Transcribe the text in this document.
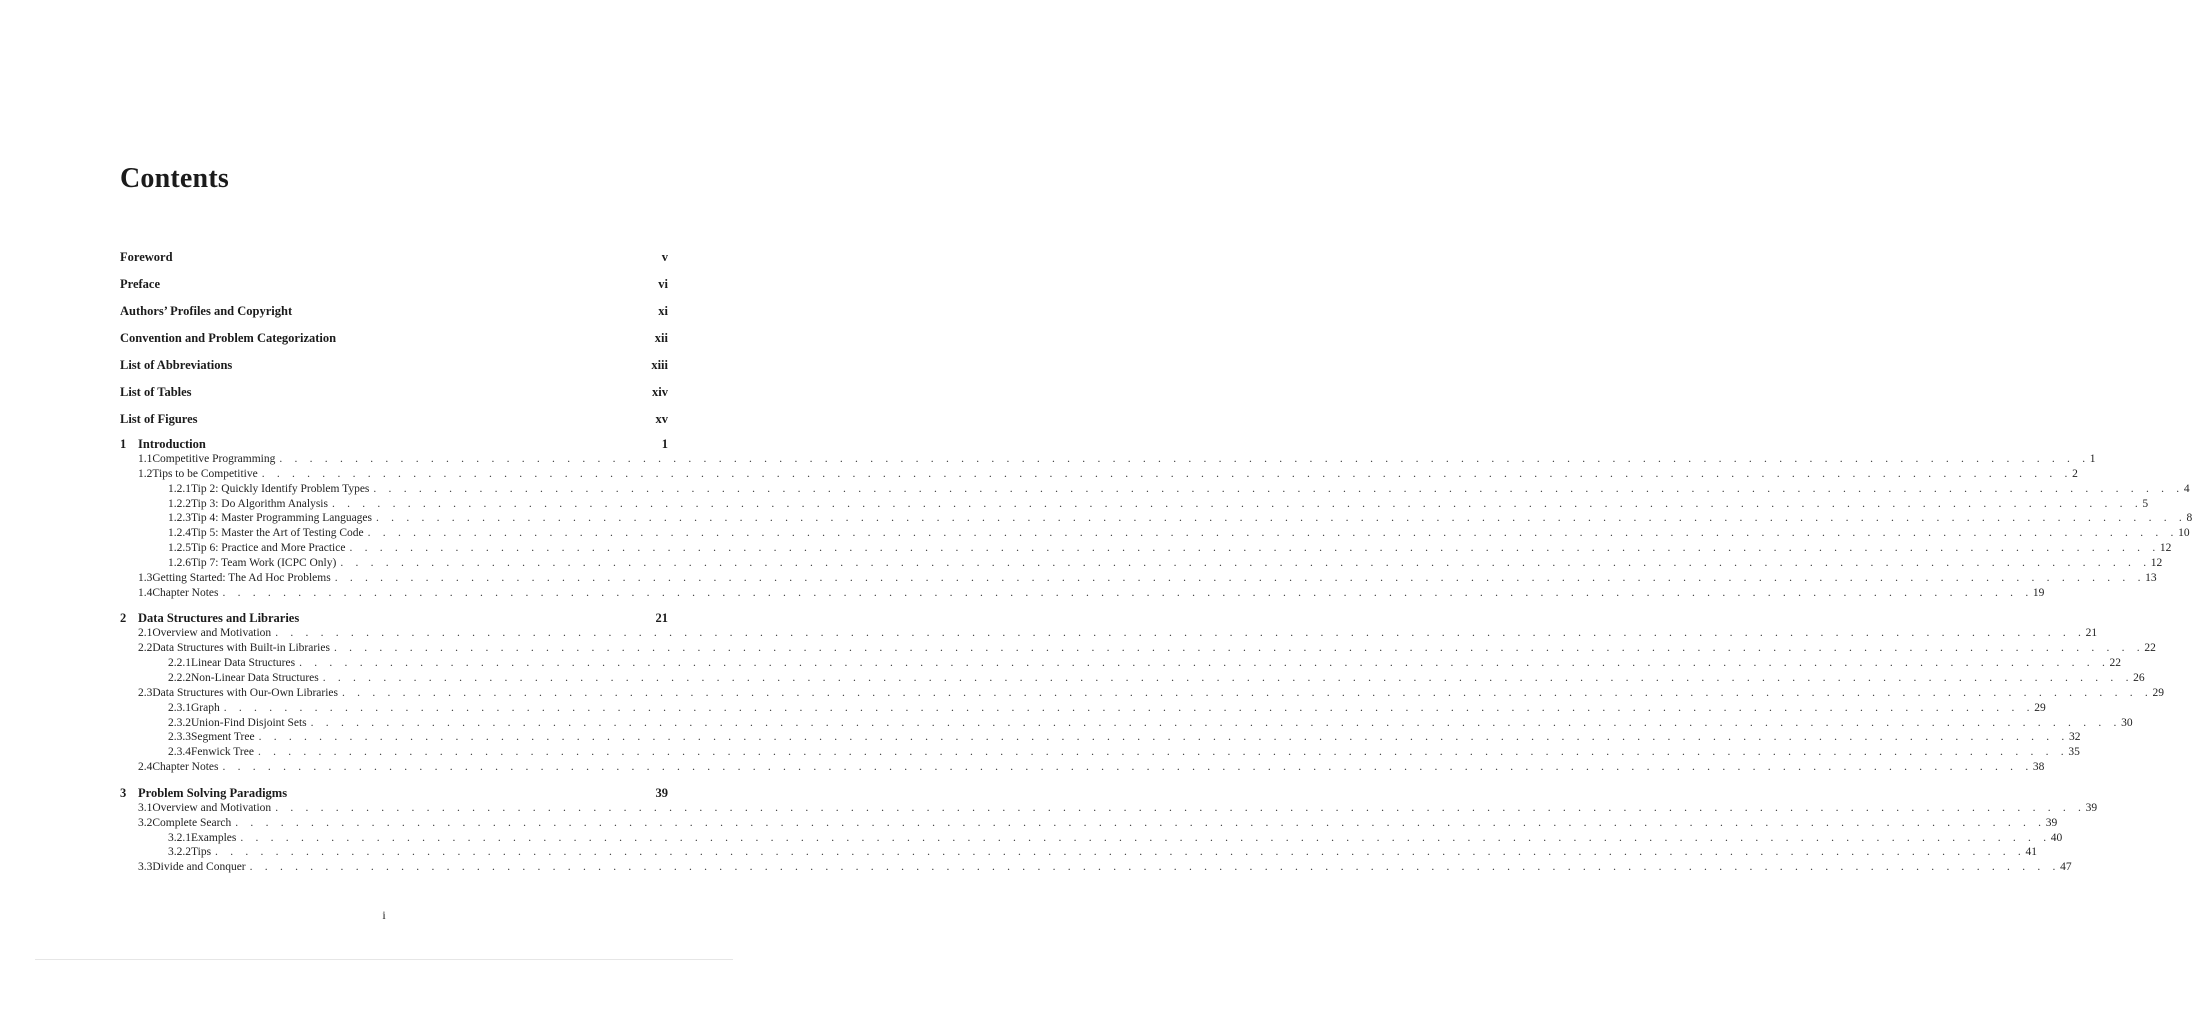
Contents
Foreword	v
Preface	vi
Authors’ Profiles and Copyright	xi
Convention and Problem Categorization	xii
List of Abbreviations	xiii
List of Tables	xiv
List of Figures	xv
1 Introduction	1
1.1 Competitive Programming . . . . . . . . . . . . . . . . . . . . . . . . . . . . . . . . . . . . . . . . . . . . . . . . . . . . . . . . . . . . . . . . . . . . . . . . . . . . . . . . . . . . . . . . . . . . . . . . . . . . . . . . . . . . . . . . . . . . . . . . 1
1.2 Tips to be Competitive . . . . . . . . . . . . . . . . . . . . . . . . . . . . . . . . . . . . . . . . . . . . . . . . . . . . . . . . . . . . . . . . . . . . . . . . . . . . . . . . . . . . . . . . . . . . . . . . . . . . . . . . . . . . . . . . . . . . . . . . 2
1.2.1 Tip 2: Quickly Identify Problem Types . . . . . . . . . . . . . . . . . . . . . . . . . . . . . . . . . . . . . . . . . . . . . . . . . . . . . . . . . . . . . . . . . . . . . . . . . . . . . . . . . . . . . . . . . . . . . . . . . . . . . . . . . . . . . . . . . . . . . . . . 4
1.2.2 Tip 3: Do Algorithm Analysis . . . . . . . . . . . . . . . . . . . . . . . . . . . . . . . . . . . . . . . . . . . . . . . . . . . . . . . . . . . . . . . . . . . . . . . . . . . . . . . . . . . . . . . . . . . . . . . . . . . . . . . . . . . . . . . . . . . . . . . . 5
1.2.3 Tip 4: Master Programming Languages . . . . . . . . . . . . . . . . . . . . . . . . . . . . . . . . . . . . . . . . . . . . . . . . . . . . . . . . . . . . . . . . . . . . . . . . . . . . . . . . . . . . . . . . . . . . . . . . . . . . . . . . . . . . . . . . . . . . . . . . 8
1.2.4 Tip 5: Master the Art of Testing Code . . . . . . . . . . . . . . . . . . . . . . . . . . . . . . . . . . . . . . . . . . . . . . . . . . . . . . . . . . . . . . . . . . . . . . . . . . . . . . . . . . . . . . . . . . . . . . . . . . . . . . . . . . . . . . . . . . . . . . . . 10
1.2.5 Tip 6: Practice and More Practice . . . . . . . . . . . . . . . . . . . . . . . . . . . . . . . . . . . . . . . . . . . . . . . . . . . . . . . . . . . . . . . . . . . . . . . . . . . . . . . . . . . . . . . . . . . . . . . . . . . . . . . . . . . . . . . . . . . . . . . . 12
1.2.6 Tip 7: Team Work (ICPC Only) . . . . . . . . . . . . . . . . . . . . . . . . . . . . . . . . . . . . . . . . . . . . . . . . . . . . . . . . . . . . . . . . . . . . . . . . . . . . . . . . . . . . . . . . . . . . . . . . . . . . . . . . . . . . . . . . . . . . . . . . 12
1.3 Getting Started: The Ad Hoc Problems . . . . . . . . . . . . . . . . . . . . . . . . . . . . . . . . . . . . . . . . . . . . . . . . . . . . . . . . . . . . . . . . . . . . . . . . . . . . . . . . . . . . . . . . . . . . . . . . . . . . . . . . . . . . . . . . . . . . . . . . 13
1.4 Chapter Notes . . . . . . . . . . . . . . . . . . . . . . . . . . . . . . . . . . . . . . . . . . . . . . . . . . . . . . . . . . . . . . . . . . . . . . . . . . . . . . . . . . . . . . . . . . . . . . . . . . . . . . . . . . . . . . . . . . . . . . . . 19
2 Data Structures and Libraries	21
2.1 Overview and Motivation . . . . . . . . . . . . . . . . . . . . . . . . . . . . . . . . . . . . . . . . . . . . . . . . . . . . . . . . . . . . . . . . . . . . . . . . . . . . . . . . . . . . . . . . . . . . . . . . . . . . . . . . . . . . . . . . . . . . . . . . 21
2.2 Data Structures with Built-in Libraries . . . . . . . . . . . . . . . . . . . . . . . . . . . . . . . . . . . . . . . . . . . . . . . . . . . . . . . . . . . . . . . . . . . . . . . . . . . . . . . . . . . . . . . . . . . . . . . . . . . . . . . . . . . . . . . . . . . . . . . . 22
2.2.1 Linear Data Structures . . . . . . . . . . . . . . . . . . . . . . . . . . . . . . . . . . . . . . . . . . . . . . . . . . . . . . . . . . . . . . . . . . . . . . . . . . . . . . . . . . . . . . . . . . . . . . . . . . . . . . . . . . . . . . . . . . . . . . . . 22
2.2.2 Non-Linear Data Structures . . . . . . . . . . . . . . . . . . . . . . . . . . . . . . . . . . . . . . . . . . . . . . . . . . . . . . . . . . . . . . . . . . . . . . . . . . . . . . . . . . . . . . . . . . . . . . . . . . . . . . . . . . . . . . . . . . . . . . . . 26
2.3 Data Structures with Our-Own Libraries . . . . . . . . . . . . . . . . . . . . . . . . . . . . . . . . . . . . . . . . . . . . . . . . . . . . . . . . . . . . . . . . . . . . . . . . . . . . . . . . . . . . . . . . . . . . . . . . . . . . . . . . . . . . . . . . . . . . . . . . 29
2.3.1 Graph . . . . . . . . . . . . . . . . . . . . . . . . . . . . . . . . . . . . . . . . . . . . . . . . . . . . . . . . . . . . . . . . . . . . . . . . . . . . . . . . . . . . . . . . . . . . . . . . . . . . . . . . . . . . . . . . . . . . . . . . 29
2.3.2 Union-Find Disjoint Sets . . . . . . . . . . . . . . . . . . . . . . . . . . . . . . . . . . . . . . . . . . . . . . . . . . . . . . . . . . . . . . . . . . . . . . . . . . . . . . . . . . . . . . . . . . . . . . . . . . . . . . . . . . . . . . . . . . . . . . . . 30
2.3.3 Segment Tree . . . . . . . . . . . . . . . . . . . . . . . . . . . . . . . . . . . . . . . . . . . . . . . . . . . . . . . . . . . . . . . . . . . . . . . . . . . . . . . . . . . . . . . . . . . . . . . . . . . . . . . . . . . . . . . . . . . . . . . . 32
2.3.4 Fenwick Tree . . . . . . . . . . . . . . . . . . . . . . . . . . . . . . . . . . . . . . . . . . . . . . . . . . . . . . . . . . . . . . . . . . . . . . . . . . . . . . . . . . . . . . . . . . . . . . . . . . . . . . . . . . . . . . . . . . . . . . . . 35
2.4 Chapter Notes . . . . . . . . . . . . . . . . . . . . . . . . . . . . . . . . . . . . . . . . . . . . . . . . . . . . . . . . . . . . . . . . . . . . . . . . . . . . . . . . . . . . . . . . . . . . . . . . . . . . . . . . . . . . . . . . . . . . . . . . 38
3 Problem Solving Paradigms	39
3.1 Overview and Motivation . . . . . . . . . . . . . . . . . . . . . . . . . . . . . . . . . . . . . . . . . . . . . . . . . . . . . . . . . . . . . . . . . . . . . . . . . . . . . . . . . . . . . . . . . . . . . . . . . . . . . . . . . . . . . . . . . . . . . . . . 39
3.2 Complete Search . . . . . . . . . . . . . . . . . . . . . . . . . . . . . . . . . . . . . . . . . . . . . . . . . . . . . . . . . . . . . . . . . . . . . . . . . . . . . . . . . . . . . . . . . . . . . . . . . . . . . . . . . . . . . . . . . . . . . . . . 39
3.2.1 Examples . . . . . . . . . . . . . . . . . . . . . . . . . . . . . . . . . . . . . . . . . . . . . . . . . . . . . . . . . . . . . . . . . . . . . . . . . . . . . . . . . . . . . . . . . . . . . . . . . . . . . . . . . . . . . . . . . . . . . . . . 40
3.2.2 Tips . . . . . . . . . . . . . . . . . . . . . . . . . . . . . . . . . . . . . . . . . . . . . . . . . . . . . . . . . . . . . . . . . . . . . . . . . . . . . . . . . . . . . . . . . . . . . . . . . . . . . . . . . . . . . . . . . . . . . . . . 41
3.3 Divide and Conquer . . . . . . . . . . . . . . . . . . . . . . . . . . . . . . . . . . . . . . . . . . . . . . . . . . . . . . . . . . . . . . . . . . . . . . . . . . . . . . . . . . . . . . . . . . . . . . . . . . . . . . . . . . . . . . . . . . . . . . . . 47
i
